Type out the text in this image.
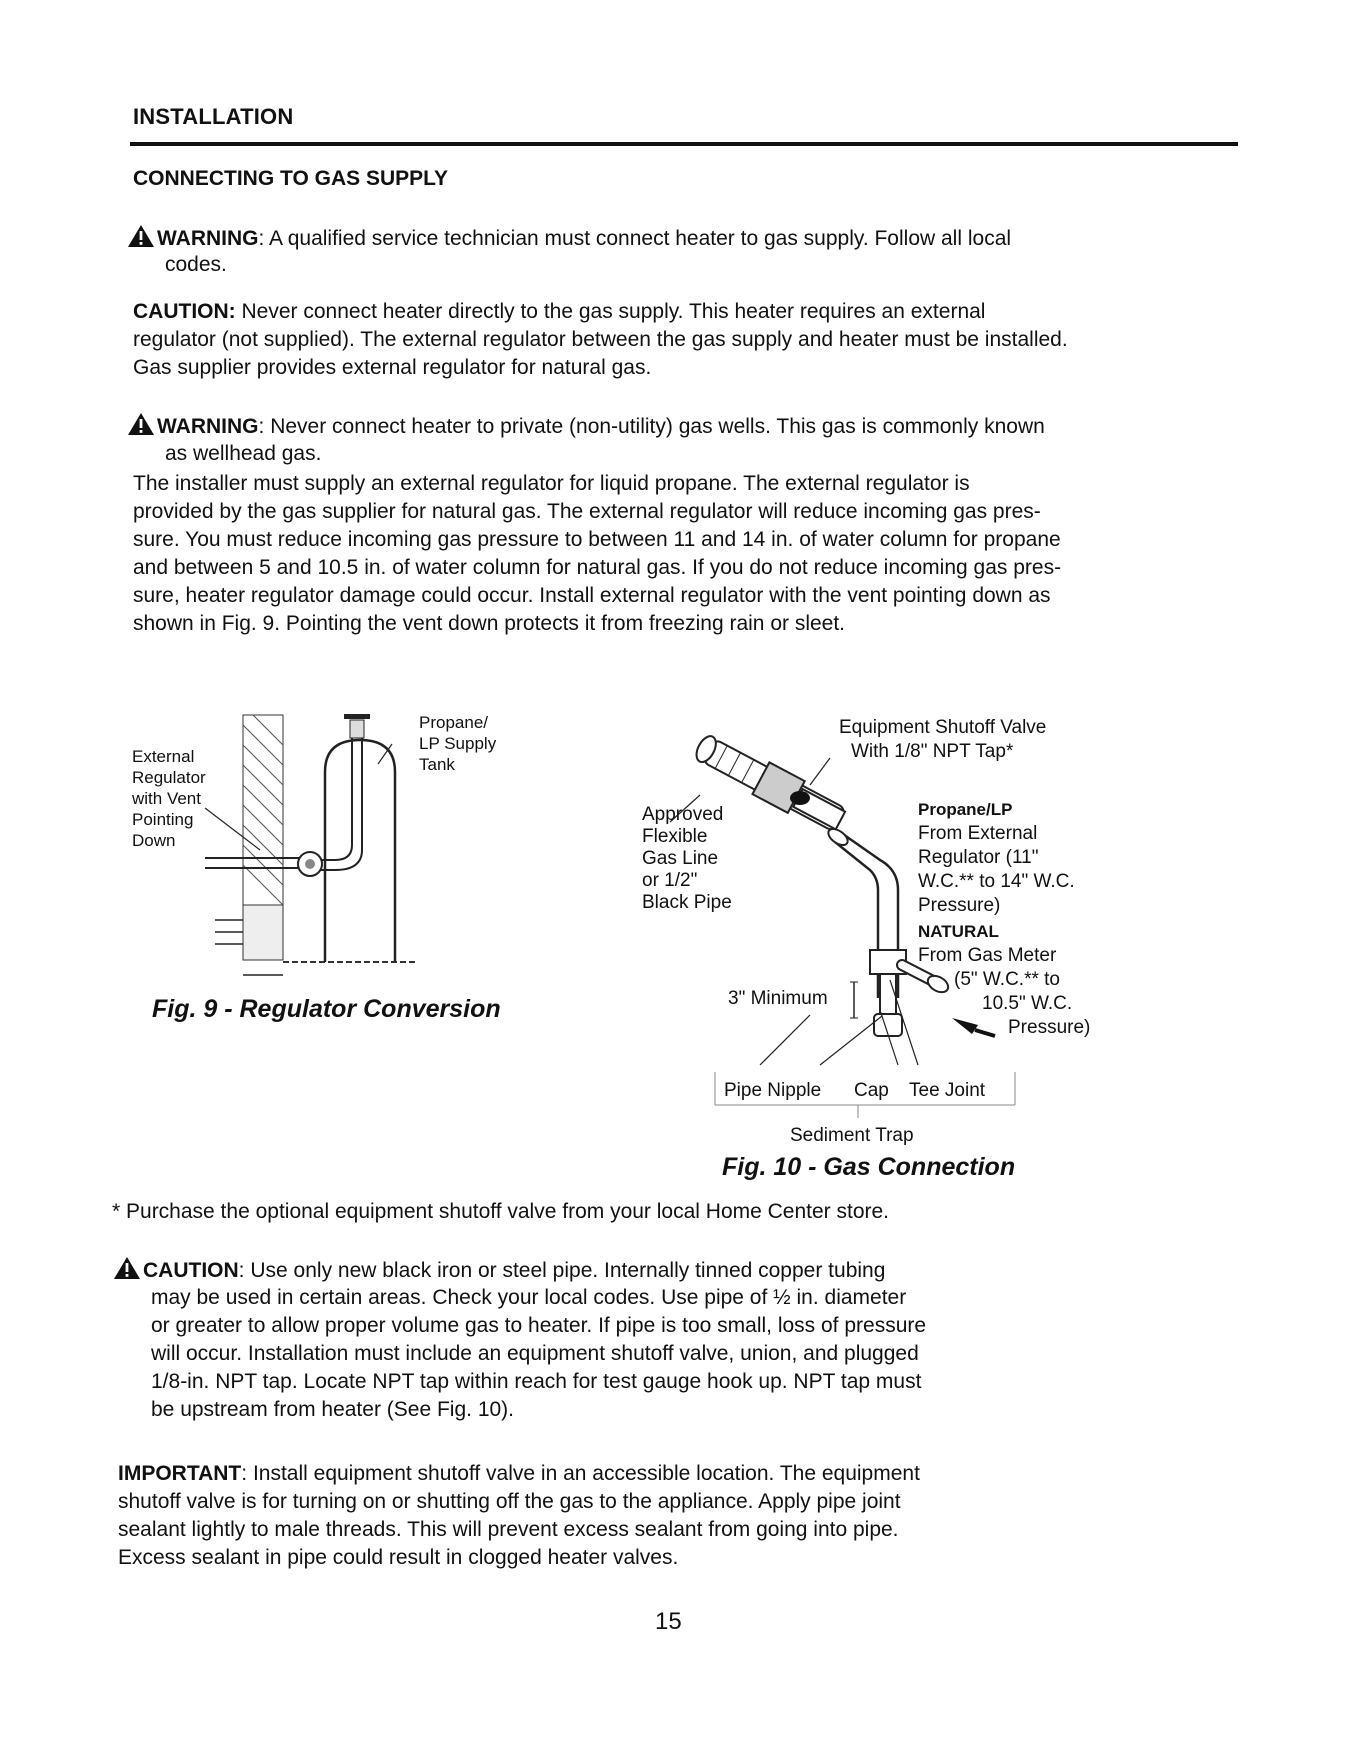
INSTALLATION
CONNECTING TO GAS SUPPLY
WARNING: A qualified service technician must connect heater to gas supply. Follow all local
codes.
CAUTION: Never connect heater directly to the gas supply. This heater requires an external
regulator (not supplied). The external regulator between the gas supply and heater must be installed.
Gas supplier provides external regulator for natural gas.
WARNING: Never connect heater to private (non-utility) gas wells. This gas is commonly known
as wellhead gas.
The installer must supply an external regulator for liquid propane. The external regulator is
provided by the gas supplier for natural gas. The external regulator will reduce incoming gas pres-
sure. You must reduce incoming gas pressure to between 11 and 14 in. of water column for propane
and between 5 and 10.5 in. of water column for natural gas. If you do not reduce incoming gas pres-
sure, heater regulator damage could occur. Install external regulator with the vent pointing down as
shown in Fig. 9. Pointing the vent down protects it from freezing rain or sleet.
External
Regulator
with Vent
Pointing
Down
Propane/
LP Supply
Tank
Fig. 9 - Regulator Conversion
Equipment Shutoff Valve
With 1/8" NPT Tap*
Approved
Flexible
Gas Line
or 1/2"
Black Pipe
Propane/LP
From External
Regulator (11"
W.C.** to 14" W.C.
Pressure)
NATURAL
From Gas Meter
(5" W.C.** to
10.5" W.C.
Pressure)
3" Minimum
Pipe Nipple Cap Tee Joint
Sediment Trap
Fig. 10 - Gas Connection
* Purchase the optional equipment shutoff valve from your local Home Center store.
CAUTION: Use only new black iron or steel pipe. Internally tinned copper tubing
may be used in certain areas. Check your local codes. Use pipe of ½ in. diameter
or greater to allow proper volume gas to heater. If pipe is too small, loss of pressure
will occur. Installation must include an equipment shutoff valve, union, and plugged
1/8-in. NPT tap. Locate NPT tap within reach for test gauge hook up. NPT tap must
be upstream from heater (See Fig. 10).
IMPORTANT: Install equipment shutoff valve in an accessible location. The equipment
shutoff valve is for turning on or shutting off the gas to the appliance. Apply pipe joint
sealant lightly to male threads. This will prevent excess sealant from going into pipe.
Excess sealant in pipe could result in clogged heater valves.
15
